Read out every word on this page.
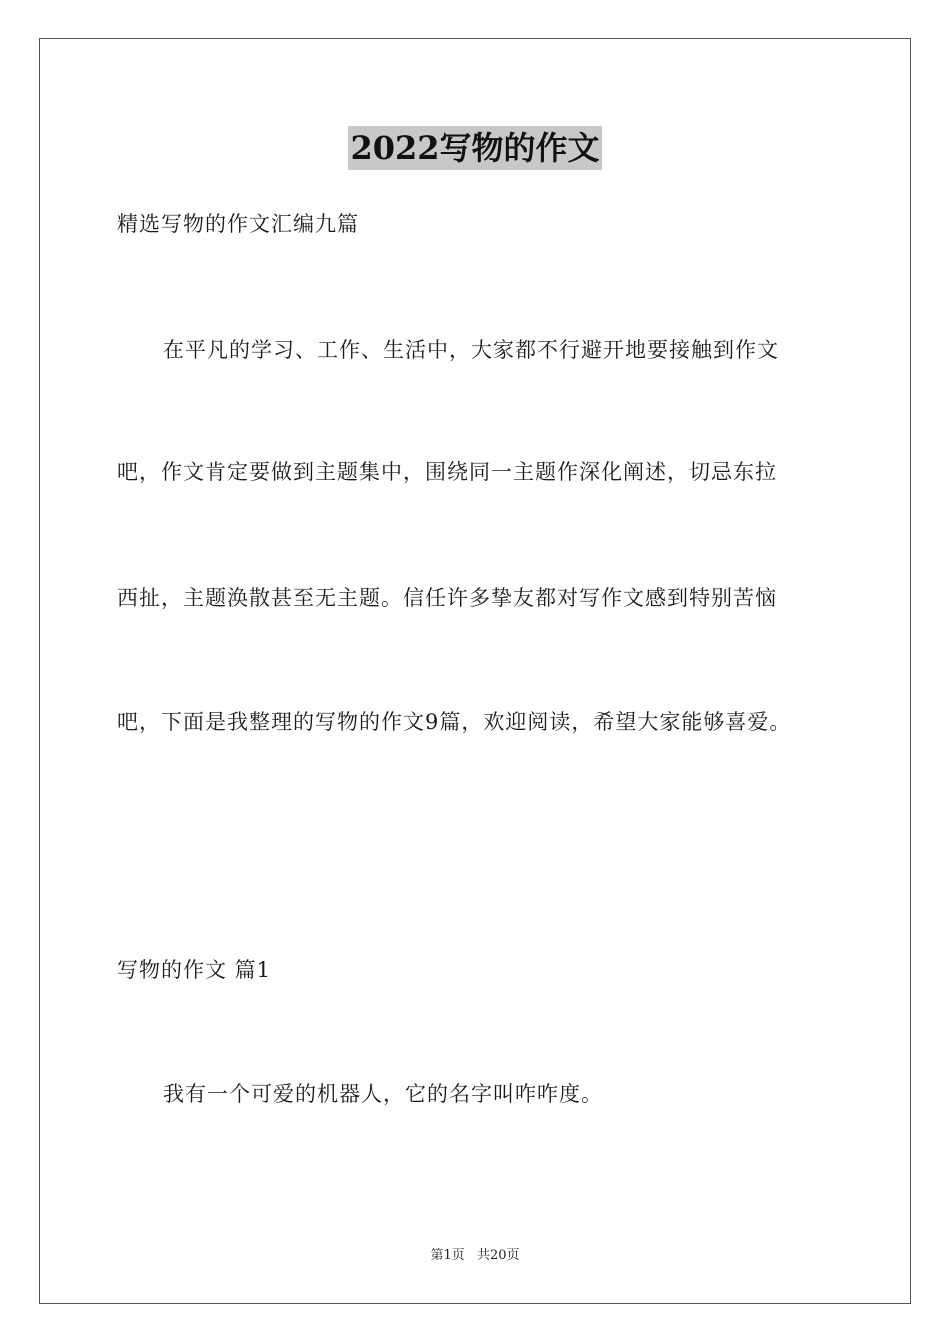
2022写物的作文
精选写物的作文汇编九篇
在平凡的学习、工作、生活中，大家都不行避开地要接触到作文
吧，作文肯定要做到主题集中，围绕同一主题作深化阐述，切忌东拉
西扯，主题涣散甚至无主题。信任许多挚友都对写作文感到特别苦恼
吧，下面是我整理的写物的作文9篇，欢迎阅读，希望大家能够喜爱。
写物的作文 篇1
我有一个可爱的机器人，它的名字叫咋咋度。
第1页 共20页
